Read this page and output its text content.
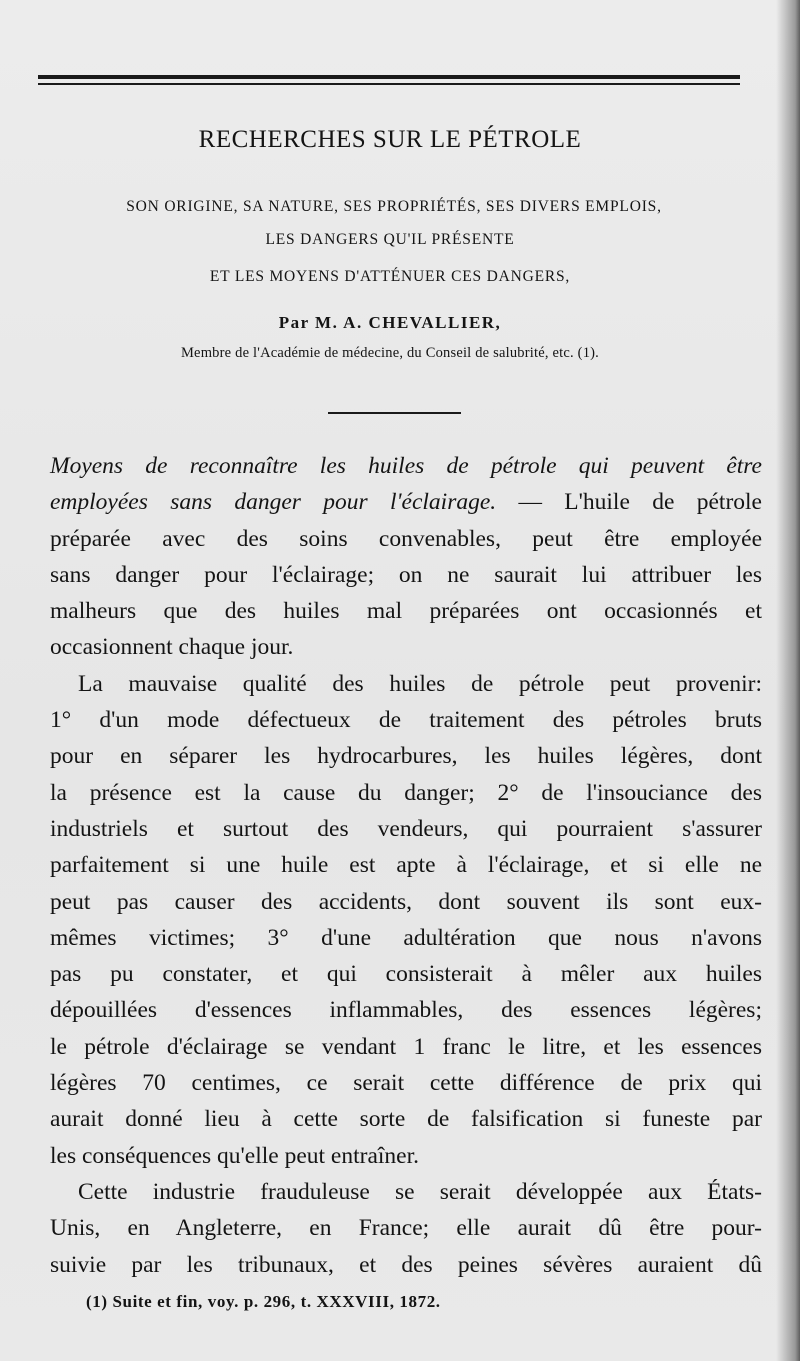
RECHERCHES SUR LE PÉTROLE
SON ORIGINE, SA NATURE, SES PROPRIÉTÉS, SES DIVERS EMPLOIS,
LES DANGERS QU'IL PRÉSENTE
ET LES MOYENS D'ATTÉNUER CES DANGERS,
Par M. A. CHEVALLIER,
Membre de l'Académie de médecine, du Conseil de salubrité, etc. (1).
Moyens de reconnaître les huiles de pétrole qui peuvent être
employées sans danger pour l'éclairage. — L'huile de pétrole
préparée avec des soins convenables, peut être employée
sans danger pour l'éclairage; on ne saurait lui attribuer les
malheurs que des huiles mal préparées ont occasionnés et
occasionnent chaque jour.
La mauvaise qualité des huiles de pétrole peut provenir:
1° d'un mode défectueux de traitement des pétroles bruts
pour en séparer les hydrocarbures, les huiles légères, dont
la présence est la cause du danger; 2° de l'insouciance des
industriels et surtout des vendeurs, qui pourraient s'assurer
parfaitement si une huile est apte à l'éclairage, et si elle ne
peut pas causer des accidents, dont souvent ils sont eux-
mêmes victimes; 3° d'une adultération que nous n'avons
pas pu constater, et qui consisterait à mêler aux huiles
dépouillées d'essences inflammables, des essences légères;
le pétrole d'éclairage se vendant 1 franc le litre, et les essences
légères 70 centimes, ce serait cette différence de prix qui
aurait donné lieu à cette sorte de falsification si funeste par
les conséquences qu'elle peut entraîner.
Cette industrie frauduleuse se serait développée aux États-
Unis, en Angleterre, en France; elle aurait dû être pour-
suivie par les tribunaux, et des peines sévères auraient dû
(1) Suite et fin, voy. p. 296, t. XXXVIII, 1872.
